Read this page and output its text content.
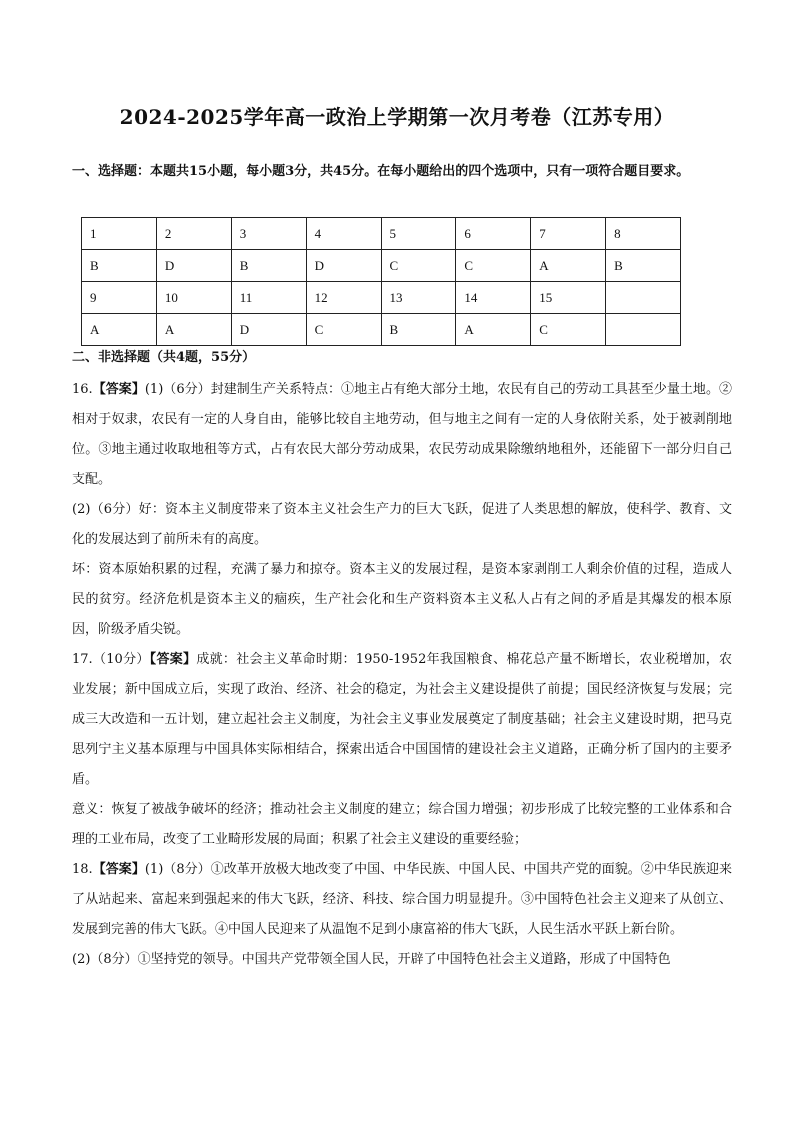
2024-2025学年高一政治上学期第一次月考卷（江苏专用）
一、选择题：本题共15小题，每小题3分，共45分。在每小题给出的四个选项中，只有一项符合题目要求。
1	2	3	4	5	6	7	8
B	D	B	D	C	C	A	B
9	10	11	12	13	14	15	
A	A	D	C	B	A	C	
二、非选择题（共4题，55分）

16.【答案】(1)（6分）封建制生产关系特点：①地主占有绝大部分土地，农民有自己的劳动工具甚至少量土地。②相对于奴隶，农民有一定的人身自由，能够比较自主地劳动，但与地主之间有一定的人身依附关系，处于被剥削地位。③地主通过收取地租等方式，占有农民大部分劳动成果，农民劳动成果除缴纳地租外，还能留下一部分归自己支配。

(2)（6分）好：资本主义制度带来了资本主义社会生产力的巨大飞跃，促进了人类思想的解放，使科学、教育、文化的发展达到了前所未有的高度。

坏：资本原始积累的过程，充满了暴力和掠夺。资本主义的发展过程，是资本家剥削工人剩余价值的过程，造成人民的贫穷。经济危机是资本主义的痼疾，生产社会化和生产资料资本主义私人占有之间的矛盾是其爆发的根本原因，阶级矛盾尖锐。

17.（10分）【答案】成就：社会主义革命时期：1950-1952年我国粮食、棉花总产量不断增长，农业税增加，农业发展；新中国成立后，实现了政治、经济、社会的稳定，为社会主义建设提供了前提；国民经济恢复与发展；完成三大改造和一五计划，建立起社会主义制度，为社会主义事业发展奠定了制度基础；社会主义建设时期，把马克思列宁主义基本原理与中国具体实际相结合，探索出适合中国国情的建设社会主义道路，正确分析了国内的主要矛盾。

意义：恢复了被战争破坏的经济；推动社会主义制度的建立；综合国力增强；初步形成了比较完整的工业体系和合理的工业布局，改变了工业畸形发展的局面；积累了社会主义建设的重要经验；

18.【答案】(1)（8分）①改革开放极大地改变了中国、中华民族、中国人民、中国共产党的面貌。②中华民族迎来了从站起来、富起来到强起来的伟大飞跃，经济、科技、综合国力明显提升。③中国特色社会主义迎来了从创立、发展到完善的伟大飞跃。④中国人民迎来了从温饱不足到小康富裕的伟大飞跃，人民生活水平跃上新台阶。

(2)（8分）①坚持党的领导。中国共产党带领全国人民，开辟了中国特色社会主义道路，形成了中国特色
